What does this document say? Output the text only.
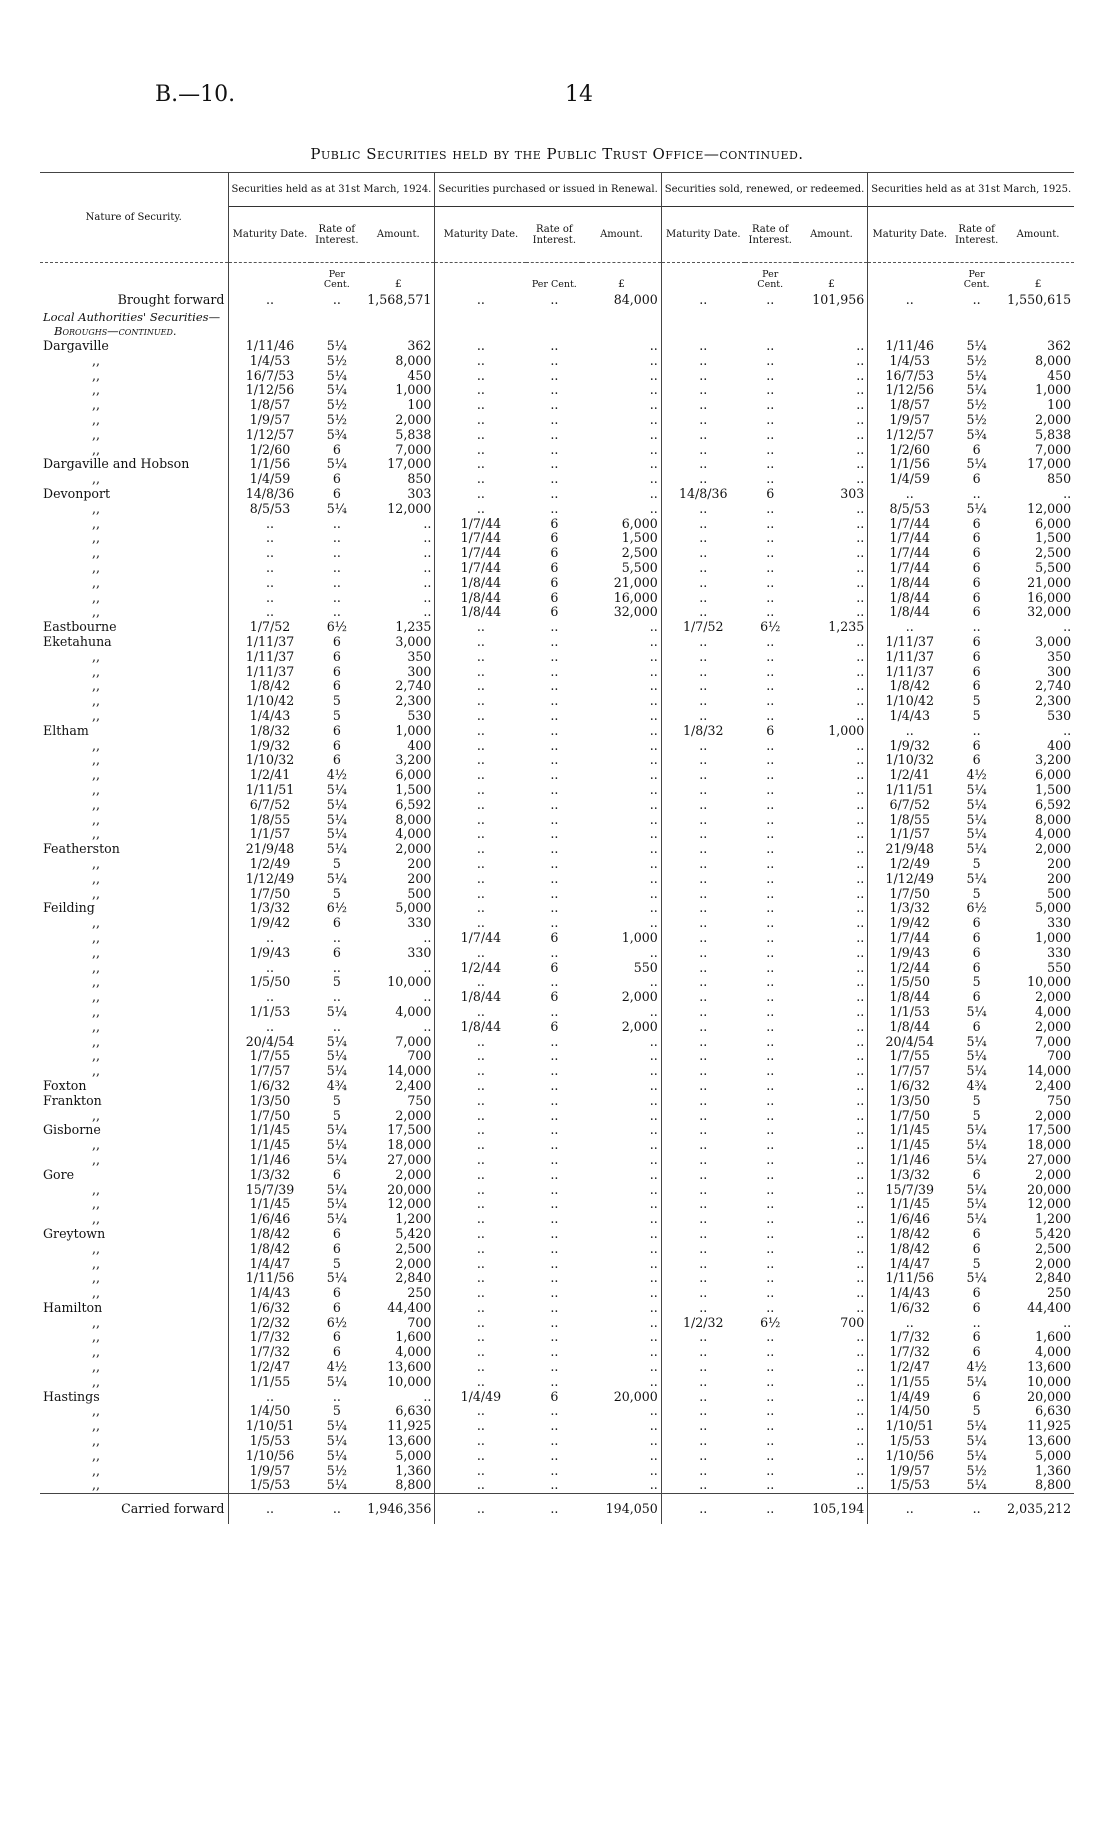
B.—10.	14
Public Securities held by the Public Trust Office—continued.
Nature of Security.	Securities held as at 31st March, 1924.			Securities purchased or issued in Renewal.			Securities sold, renewed, or redeemed.			Securities held as at 31st March, 1925.		
	Maturity Date.	Rate of Interest.	Amount.	Maturity Date.	Rate of Interest.	Amount.	Maturity Date.	Rate of Interest.	Amount.	Maturity Date.	Rate of Interest.	Amount.
		Per Cent.	£		Per Cent.	£		Per Cent.	£		Per Cent.	£
Brought forward	..	..	1,568,571	..	..	84,000	..	..	101,956	..	..	1,550,615
Local Authorities' Securities—												
Boroughs—continued.												
Dargaville	1/11/46	5¼	362	..	..	..	..	..	..	1/11/46	5¼	362
,,	1/4/53	5½	8,000	..	..	..	..	..	..	1/4/53	5½	8,000
,,	16/7/53	5¼	450	..	..	..	..	..	..	16/7/53	5¼	450
,,	1/12/56	5¼	1,000	..	..	..	..	..	..	1/12/56	5¼	1,000
,,	1/8/57	5½	100	..	..	..	..	..	..	1/8/57	5½	100
,,	1/9/57	5½	2,000	..	..	..	..	..	..	1/9/57	5½	2,000
,,	1/12/57	5¾	5,838	..	..	..	..	..	..	1/12/57	5¾	5,838
,,	1/2/60	6	7,000	..	..	..	..	..	..	1/2/60	6	7,000
Dargaville and Hobson	1/1/56	5¼	17,000	..	..	..	..	..	..	1/1/56	5¼	17,000
,,	1/4/59	6	850	..	..	..	..	..	..	1/4/59	6	850
Devonport	14/8/36	6	303	..	..	..	14/8/36	6	303	..	..	..
,,	8/5/53	5¼	12,000	..	..	..	..	..	..	8/5/53	5¼	12,000
,,	..	..	..	1/7/44	6	6,000	..	..	..	1/7/44	6	6,000
,,	..	..	..	1/7/44	6	1,500	..	..	..	1/7/44	6	1,500
,,	..	..	..	1/7/44	6	2,500	..	..	..	1/7/44	6	2,500
,,	..	..	..	1/7/44	6	5,500	..	..	..	1/7/44	6	5,500
,,	..	..	..	1/8/44	6	21,000	..	..	..	1/8/44	6	21,000
,,	..	..	..	1/8/44	6	16,000	..	..	..	1/8/44	6	16,000
,,	..	..	..	1/8/44	6	32,000	..	..	..	1/8/44	6	32,000
Eastbourne	1/7/52	6½	1,235	..	..	..	1/7/52	6½	1,235	..	..	..
Eketahuna	1/11/37	6	3,000	..	..	..	..	..	..	1/11/37	6	3,000
,,	1/11/37	6	350	..	..	..	..	..	..	1/11/37	6	350
,,	1/11/37	6	300	..	..	..	..	..	..	1/11/37	6	300
,,	1/8/42	6	2,740	..	..	..	..	..	..	1/8/42	6	2,740
,,	1/10/42	5	2,300	..	..	..	..	..	..	1/10/42	5	2,300
,,	1/4/43	5	530	..	..	..	..	..	..	1/4/43	5	530
Eltham	1/8/32	6	1,000	..	..	..	1/8/32	6	1,000	..	..	..
,,	1/9/32	6	400	..	..	..	..	..	..	1/9/32	6	400
,,	1/10/32	6	3,200	..	..	..	..	..	..	1/10/32	6	3,200
,,	1/2/41	4½	6,000	..	..	..	..	..	..	1/2/41	4½	6,000
,,	1/11/51	5¼	1,500	..	..	..	..	..	..	1/11/51	5¼	1,500
,,	6/7/52	5¼	6,592	..	..	..	..	..	..	6/7/52	5¼	6,592
,,	1/8/55	5¼	8,000	..	..	..	..	..	..	1/8/55	5¼	8,000
,,	1/1/57	5¼	4,000	..	..	..	..	..	..	1/1/57	5¼	4,000
Featherston	21/9/48	5¼	2,000	..	..	..	..	..	..	21/9/48	5¼	2,000
,,	1/2/49	5	200	..	..	..	..	..	..	1/2/49	5	200
,,	1/12/49	5¼	200	..	..	..	..	..	..	1/12/49	5¼	200
,,	1/7/50	5	500	..	..	..	..	..	..	1/7/50	5	500
Feilding	1/3/32	6½	5,000	..	..	..	..	..	..	1/3/32	6½	5,000
,,	1/9/42	6	330	..	..	..	..	..	..	1/9/42	6	330
,,	..	..	..	1/7/44	6	1,000	..	..	..	1/7/44	6	1,000
,,	1/9/43	6	330	..	..	..	..	..	..	1/9/43	6	330
,,	..	..	..	1/2/44	6	550	..	..	..	1/2/44	6	550
,,	1/5/50	5	10,000	..	..	..	..	..	..	1/5/50	5	10,000
,,	..	..	..	1/8/44	6	2,000	..	..	..	1/8/44	6	2,000
,,	1/1/53	5¼	4,000	..	..	..	..	..	..	1/1/53	5¼	4,000
,,	..	..	..	1/8/44	6	2,000	..	..	..	1/8/44	6	2,000
,,	20/4/54	5¼	7,000	..	..	..	..	..	..	20/4/54	5¼	7,000
,,	1/7/55	5¼	700	..	..	..	..	..	..	1/7/55	5¼	700
,,	1/7/57	5¼	14,000	..	..	..	..	..	..	1/7/57	5¼	14,000
Foxton	1/6/32	4¾	2,400	..	..	..	..	..	..	1/6/32	4¾	2,400
Frankton	1/3/50	5	750	..	..	..	..	..	..	1/3/50	5	750
,,	1/7/50	5	2,000	..	..	..	..	..	..	1/7/50	5	2,000
Gisborne	1/1/45	5¼	17,500	..	..	..	..	..	..	1/1/45	5¼	17,500
,,	1/1/45	5¼	18,000	..	..	..	..	..	..	1/1/45	5¼	18,000
,,	1/1/46	5¼	27,000	..	..	..	..	..	..	1/1/46	5¼	27,000
Gore	1/3/32	6	2,000	..	..	..	..	..	..	1/3/32	6	2,000
,,	15/7/39	5¼	20,000	..	..	..	..	..	..	15/7/39	5¼	20,000
,,	1/1/45	5¼	12,000	..	..	..	..	..	..	1/1/45	5¼	12,000
,,	1/6/46	5¼	1,200	..	..	..	..	..	..	1/6/46	5¼	1,200
Greytown	1/8/42	6	5,420	..	..	..	..	..	..	1/8/42	6	5,420
,,	1/8/42	6	2,500	..	..	..	..	..	..	1/8/42	6	2,500
,,	1/4/47	5	2,000	..	..	..	..	..	..	1/4/47	5	2,000
,,	1/11/56	5¼	2,840	..	..	..	..	..	..	1/11/56	5¼	2,840
,,	1/4/43	6	250	..	..	..	..	..	..	1/4/43	6	250
Hamilton	1/6/32	6	44,400	..	..	..	..	..	..	1/6/32	6	44,400
,,	1/2/32	6½	700	..	..	..	1/2/32	6½	700	..	..	..
,,	1/7/32	6	1,600	..	..	..	..	..	..	1/7/32	6	1,600
,,	1/7/32	6	4,000	..	..	..	..	..	..	1/7/32	6	4,000
,,	1/2/47	4½	13,600	..	..	..	..	..	..	1/2/47	4½	13,600
,,	1/1/55	5¼	10,000	..	..	..	..	..	..	1/1/55	5¼	10,000
Hastings	..	..	..	1/4/49	6	20,000	..	..	..	1/4/49	6	20,000
,,	1/4/50	5	6,630	..	..	..	..	..	..	1/4/50	5	6,630
,,	1/10/51	5¼	11,925	..	..	..	..	..	..	1/10/51	5¼	11,925
,,	1/5/53	5¼	13,600	..	..	..	..	..	..	1/5/53	5¼	13,600
,,	1/10/56	5¼	5,000	..	..	..	..	..	..	1/10/56	5¼	5,000
,,	1/9/57	5½	1,360	..	..	..	..	..	..	1/9/57	5½	1,360
,,	1/5/53	5¼	8,800	..	..	..	..	..	..	1/5/53	5¼	8,800
Carried forward	..	..	1,946,356	..	..	194,050	..	..	105,194	..	..	2,035,212
